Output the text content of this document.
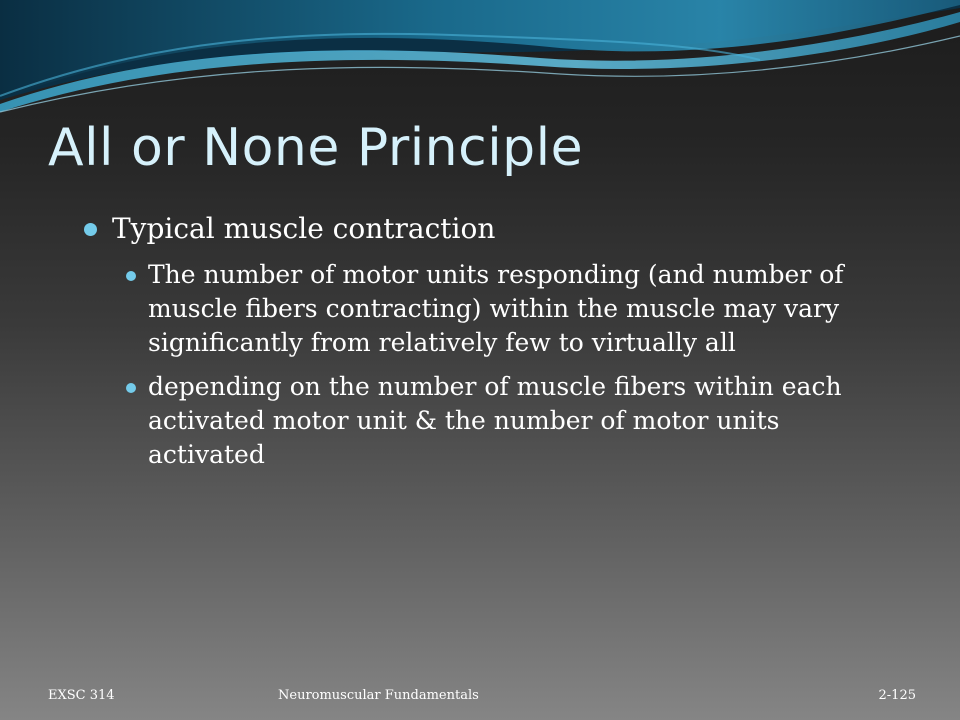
All or None Principle
Typical muscle contraction
The number of motor units responding (and number of muscle fibers contracting) within the muscle may vary significantly from relatively few to virtually all
depending on the number of muscle fibers within each activated motor unit & the number of motor units activated
EXSC 314	Neuromuscular Fundamentals	2-125
